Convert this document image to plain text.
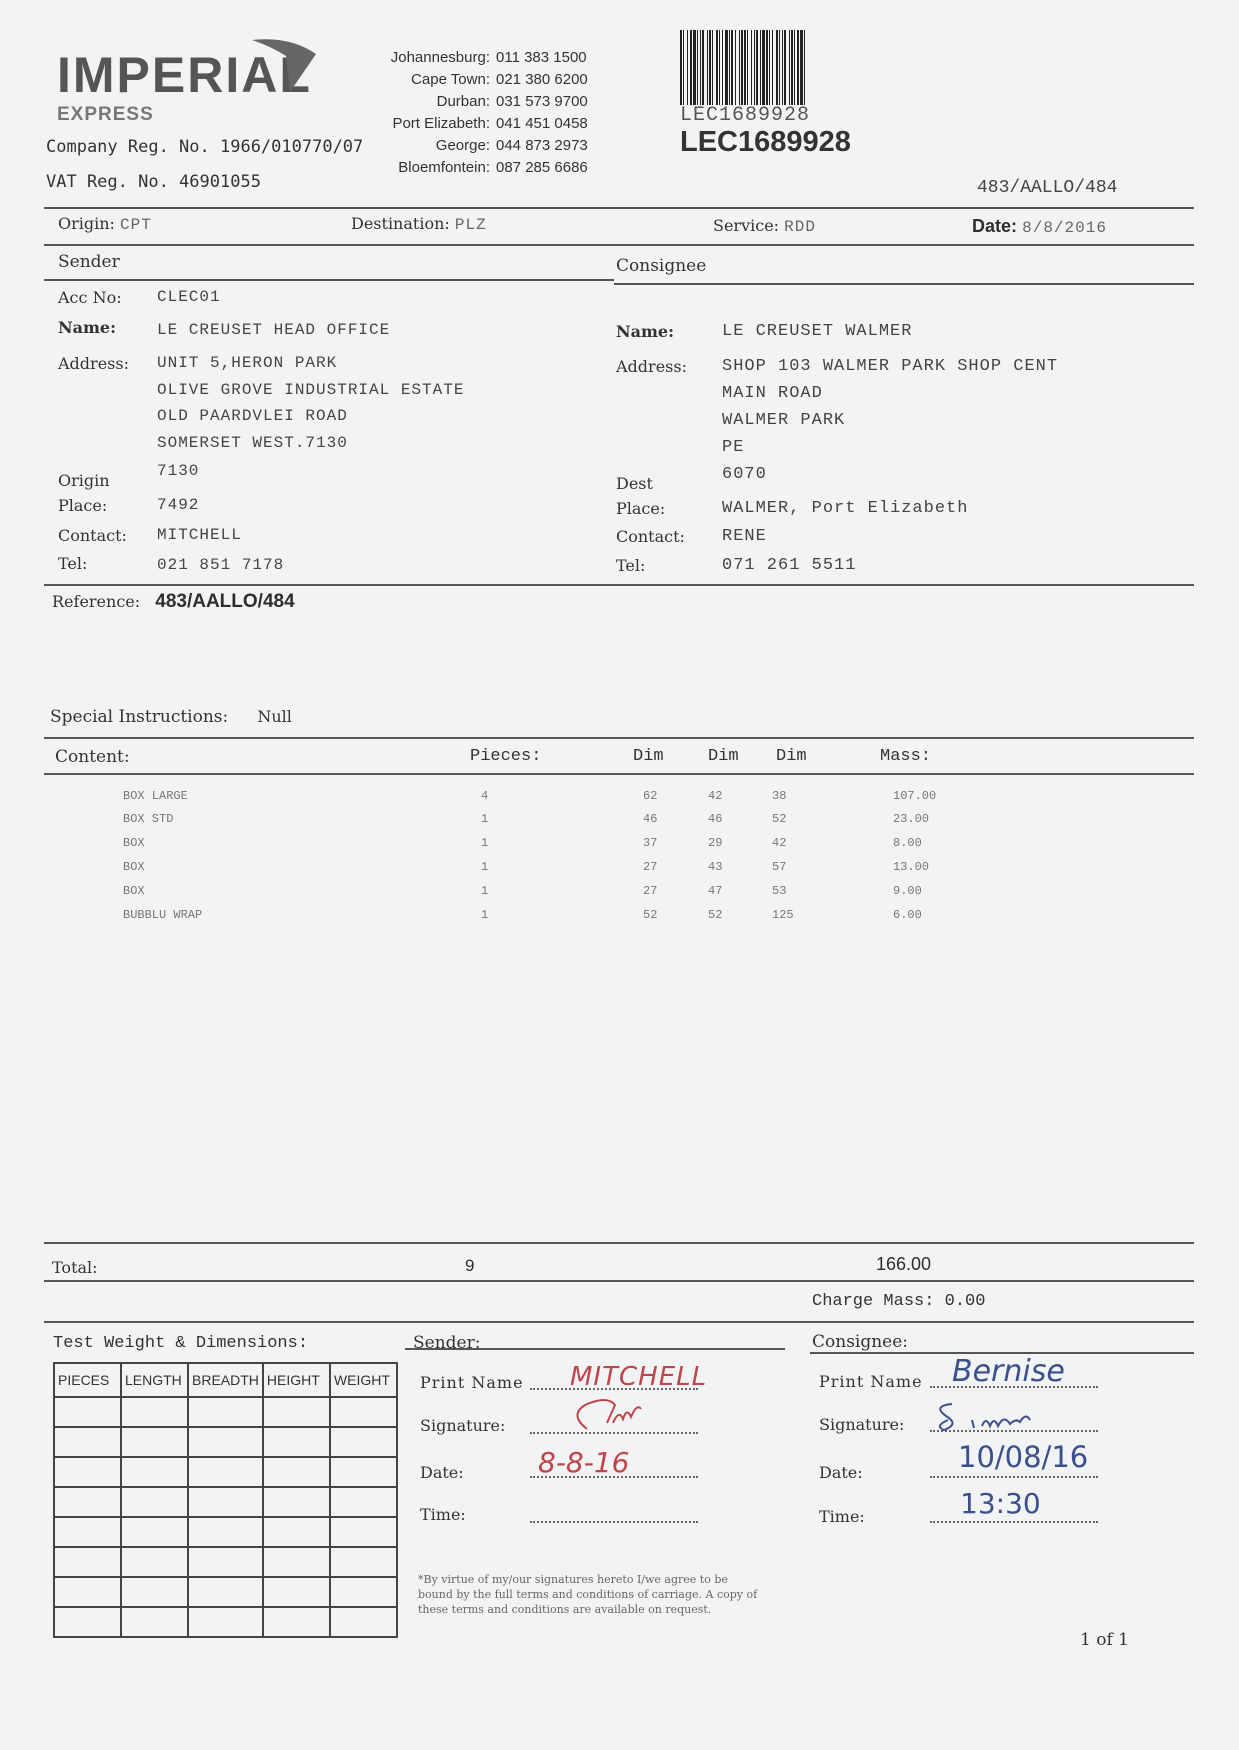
IMPERIAL
EXPRESS
Company Reg. No. 1966/010770/07
VAT Reg. No. 46901055
Johannesburg: 011 383 1500
Cape Town: 021 380 6200
Durban: 031 573 9700
Port Elizabeth: 041 451 0458
George: 044 873 2973
Bloemfontein: 087 285 6686
LEC1689928
LEC1689928
483/AALLO/484
Origin: CPT	Destination: PLZ	Service: RDD	Date: 8/8/2016
Sender	Consignee
Acc No: CLEC01
Name:	LE CREUSET HEAD OFFICE
Address: UNIT 5,HERON PARK
OLIVE GROVE INDUSTRIAL ESTATE
OLD PAARDVLEI ROAD
SOMERSET WEST.7130
7130
Origin
Place:	7492
Contact: MITCHELL
Tel:	021 851 7178
Name:	LE CREUSET WALMER
Address: SHOP 103 WALMER PARK SHOP CENT
MAIN ROAD
WALMER PARK
PE
6070
Dest
Place:	WALMER, Port Elizabeth
Contact: RENE
Tel:	071 261 5511
Reference: 483/AALLO/484
Special Instructions: Null
Content:	Pieces:	Dim	Dim Dim	Mass:
BOX LARGE	4	62	42	38	107.00
BOX STD	1	46	46	52	23.00
BOX	1	37	29	42	8.00
BOX	1	27	43	57	13.00
BOX	1	27	47	53	9.00
BUBBLU WRAP	1	52	52	125	6.00
Total:	9	166.00
Charge Mass: 0.00
Test Weight & Dimensions:
PIECES	LENGTH	BREADTH	HEIGHT	WEIGHT

Sender:
Print Name MITCHELL
Signature:
Date:	8-8-16
Time:
Consignee:
Print Name Bernise
Signature:
Date:	10/08/16
Time:	13:30
*By virtue of my/our signatures hereto I/we agree to be bound by the full terms and conditions of carriage. A copy of these terms and conditions are available on request.
1 of 1
